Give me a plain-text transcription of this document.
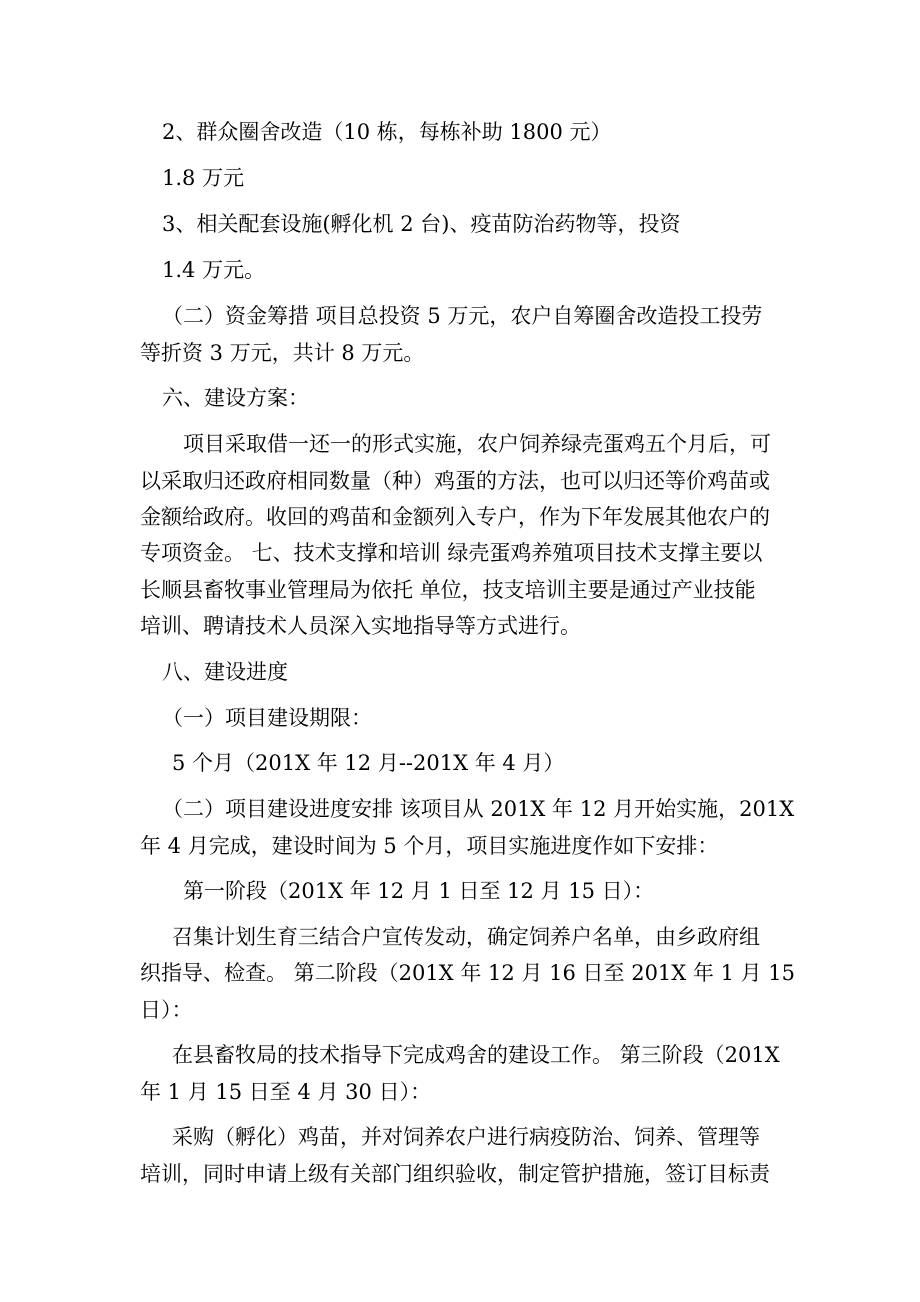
2、群众圈舍改造（10 栋，每栋补助 1800 元）
1.8 万元
3、相关配套设施(孵化机 2 台)、疫苗防治药物等，投资
1.4 万元。
（二）资金筹措 项目总投资 5 万元，农户自筹圈舍改造投工投劳
等折资 3 万元，共计 8 万元。
六、建设方案：
项目采取借一还一的形式实施，农户饲养绿壳蛋鸡五个月后，可
以采取归还政府相同数量（种）鸡蛋的方法，也可以归还等价鸡苗或
金额给政府。收回的鸡苗和金额列入专户，作为下年发展其他农户的
专项资金。 七、技术支撑和培训 绿壳蛋鸡养殖项目技术支撑主要以
长顺县畜牧事业管理局为依托 单位，技支培训主要是通过产业技能
培训、聘请技术人员深入实地指导等方式进行。
八、建设进度
（一）项目建设期限：
5 个月（201X 年 12 月--201X 年 4 月）
（二）项目建设进度安排 该项目从 201X 年 12 月开始实施，201X
年 4 月完成，建设时间为 5 个月，项目实施进度作如下安排：
第一阶段（201X 年 12 月 1 日至 12 月 15 日）：
召集计划生育三结合户宣传发动，确定饲养户名单，由乡政府组
织指导、检查。 第二阶段（201X 年 12 月 16 日至 201X 年 1 月 15
日）：
在县畜牧局的技术指导下完成鸡舍的建设工作。 第三阶段（201X
年 1 月 15 日至 4 月 30 日）：
采购（孵化）鸡苗，并对饲养农户进行病疫防治、饲养、管理等
培训，同时申请上级有关部门组织验收，制定管护措施，签订目标责
